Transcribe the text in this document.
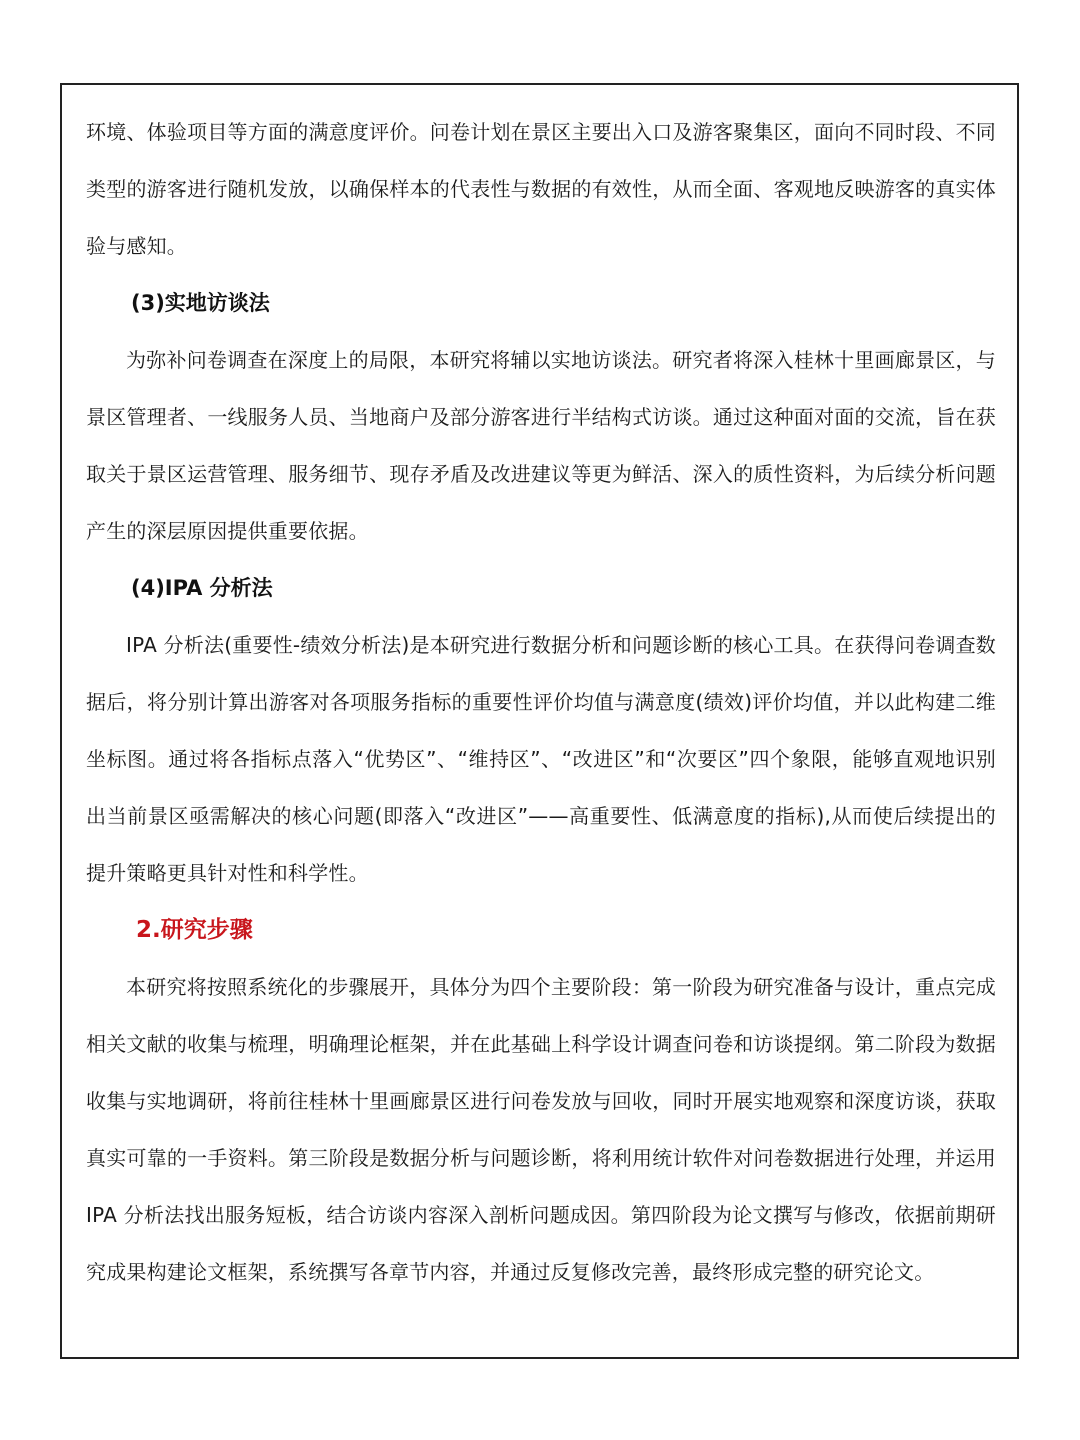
环境、体验项目等方面的满意度评价。问卷计划在景区主要出入口及游客聚集区，面向不同时段、不同类型的游客进行随机发放，以确保样本的代表性与数据的有效性，从而全面、客观地反映游客的真实体验与感知。

(3)实地访谈法

为弥补问卷调查在深度上的局限，本研究将辅以实地访谈法。研究者将深入桂林十里画廊景区，与景区管理者、一线服务人员、当地商户及部分游客进行半结构式访谈。通过这种面对面的交流，旨在获取关于景区运营管理、服务细节、现存矛盾及改进建议等更为鲜活、深入的质性资料，为后续分析问题产生的深层原因提供重要依据。

(4)IPA 分析法

IPA 分析法(重要性-绩效分析法)是本研究进行数据分析和问题诊断的核心工具。在获得问卷调查数据后，将分别计算出游客对各项服务指标的重要性评价均值与满意度(绩效)评价均值，并以此构建二维坐标图。通过将各指标点落入“优势区”、“维持区”、“改进区”和“次要区”四个象限，能够直观地识别出当前景区亟需解决的核心问题(即落入“改进区”——高重要性、低满意度的指标),从而使后续提出的提升策略更具针对性和科学性。

2.研究步骤

本研究将按照系统化的步骤展开，具体分为四个主要阶段：第一阶段为研究准备与设计，重点完成相关文献的收集与梳理，明确理论框架，并在此基础上科学设计调查问卷和访谈提纲。第二阶段为数据收集与实地调研，将前往桂林十里画廊景区进行问卷发放与回收，同时开展实地观察和深度访谈，获取真实可靠的一手资料。第三阶段是数据分析与问题诊断，将利用统计软件对问卷数据进行处理，并运用 IPA 分析法找出服务短板，结合访谈内容深入剖析问题成因。第四阶段为论文撰写与修改，依据前期研究成果构建论文框架，系统撰写各章节内容，并通过反复修改完善，最终形成完整的研究论文。
